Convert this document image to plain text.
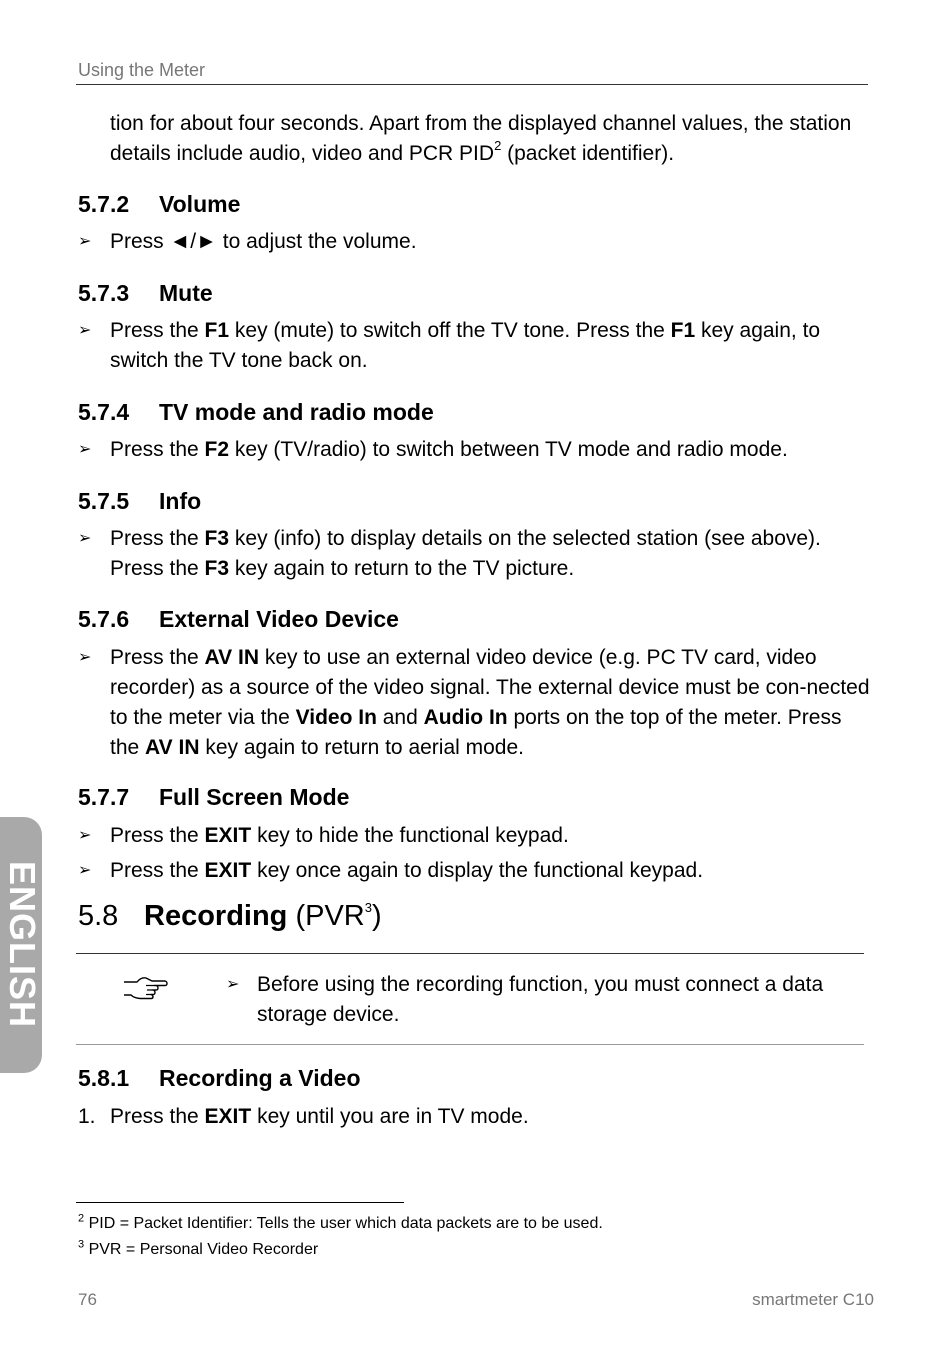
Using the Meter
tion for about four seconds. Apart from the displayed channel values, the station details include audio, video and PCR PID$^2$ (packet identifier).
5.7.2 Volume
➢ Press ◄/► to adjust the volume.
5.7.3 Mute
➢ Press the F1 key (mute) to switch off the TV tone. Press the F1 key again, to switch the TV tone back on.
5.7.4 TV mode and radio mode
➢ Press the F2 key (TV/radio) to switch between TV mode and radio mode.
5.7.5 Info
➢ Press the F3 key (info) to display details on the selected station (see above). Press the F3 key again to return to the TV picture.
5.7.6 External Video Device
➢ Press the AV IN key to use an external video device (e.g. PC TV card, video recorder) as a source of the video signal. The external device must be con-nected to the meter via the Video In and Audio In ports on the top of the meter. Press the AV IN key again to return to aerial mode.
5.7.7 Full Screen Mode
➢ Press the EXIT key to hide the functional keypad.
➢ Press the EXIT key once again to display the functional keypad.
5.8 Recording (PVR$^3$)
➢ Before using the recording function, you must connect a data storage device.
5.8.1 Recording a Video
1. Press the EXIT key until you are in TV mode.
$^2$ PID = Packet Identifier: Tells the user which data packets are to be used.
$^3$ PVR = Personal Video Recorder
76	smartmeter C10
ENGLISH
